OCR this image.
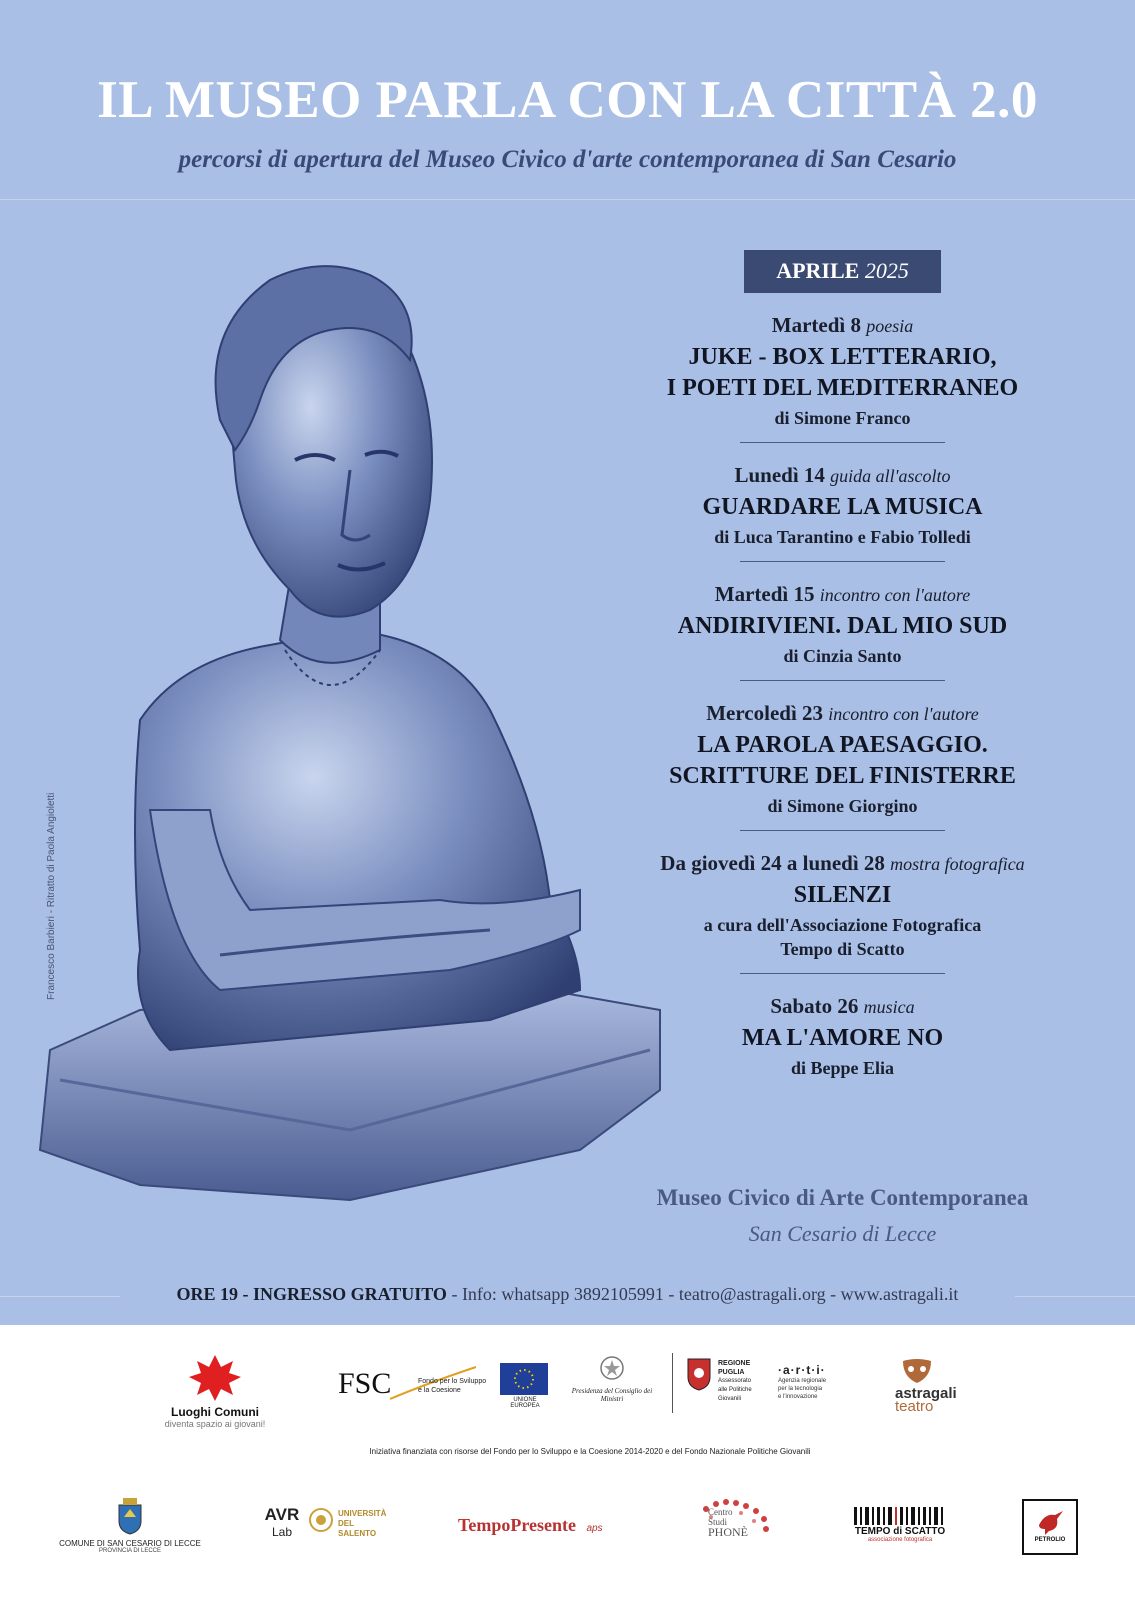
IL MUSEO PARLA CON LA CITTÀ 2.0
percorsi di apertura del Museo Civico d'arte contemporanea di San Cesario
Francesco Barbieri - Ritratto di Paola Angioletti
APRILE 2025
Martedì 8 poesia
JUKE - BOX LETTERARIO,
I POETI DEL MEDITERRANEO
di Simone Franco
Lunedì 14 guida all'ascolto
GUARDARE LA MUSICA
di Luca Tarantino e Fabio Tolledi
Martedì 15 incontro con l'autore
ANDIRIVIENI. DAL MIO SUD
di Cinzia Santo
Mercoledì 23 incontro con l'autore
LA PAROLA PAESAGGIO.
SCRITTURE DEL FINISTERRE
di Simone Giorgino
Da giovedì 24 a lunedì 28 mostra fotografica
SILENZI
a cura dell'Associazione Fotografica
Tempo di Scatto
Sabato 26 musica
MA L'AMORE NO
di Beppe Elia
Museo Civico di Arte Contemporanea
San Cesario di Lecce
ORE 19 - INGRESSO GRATUITO - Info: whatsapp 3892105991 - teatro@astragali.org - www.astragali.it
Luoghi Comuni
diventa spazio ai giovani!
FSC	Fondo per lo Sviluppo
e la Coesione
UNIONE EUROPEA
Presidenza del Consiglio dei Ministri
REGIONE
PUGLIA
Assessorato
alle Politiche Giovanili
·a·r·t·i·
Agenzia regionale
per la tecnologia
e l'innovazione	astragali
teatro
Iniziativa finanziata con risorse del Fondo per lo Sviluppo e la Coesione 2014-2020 e del Fondo Nazionale Politiche Giovanili
COMUNE DI SAN CESARIO DI LECCE
PROVINCIA DI LECCE
AVR
Lab
UNIVERSITÀ
DEL SALENTO	TempoPresente aps
Centro
Studi
PHONÈ	TEMPO di SCATTO
associazione fotografica	PETROLIO
